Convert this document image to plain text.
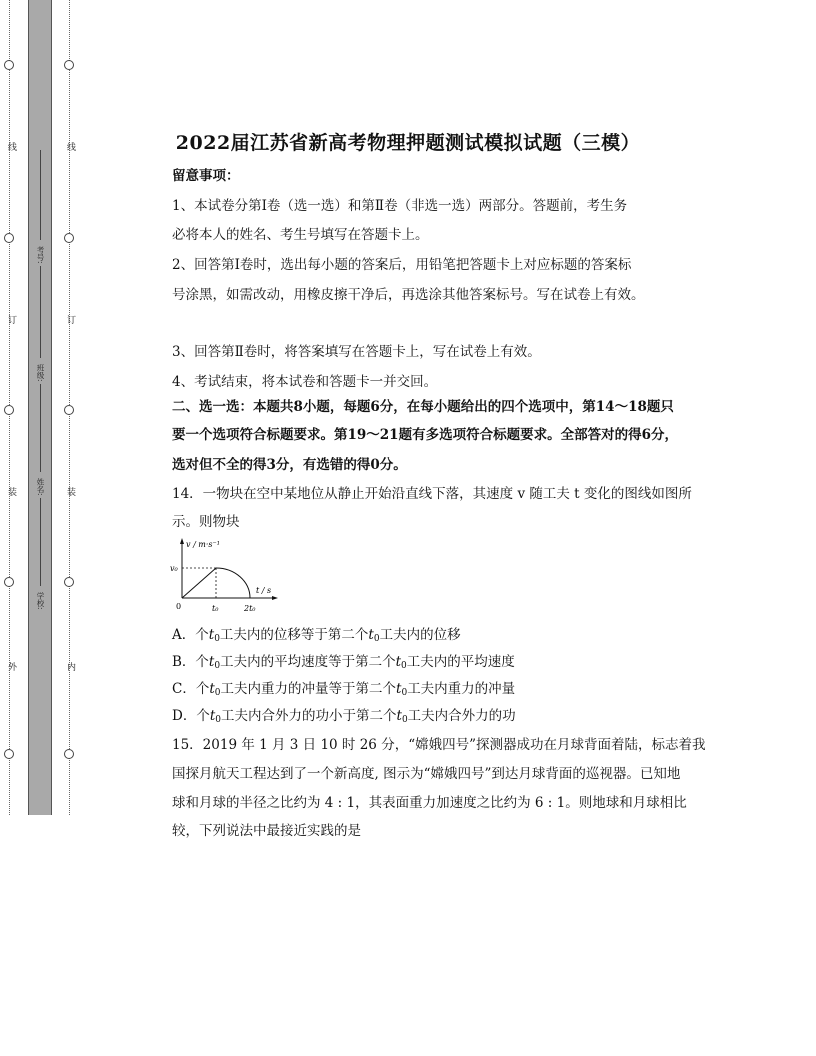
线
订
装
外
线
订
装
内
考号:
班级:
姓名:
学校:
2022届江苏省新高考物理押题测试模拟试题（三模）
留意事项：
1、本试卷分第Ⅰ卷（选一选）和第Ⅱ卷（非选一选）两部分。答题前，考生务
必将本人的姓名、考生号填写在答题卡上。
2、回答第Ⅰ卷时，选出每小题的答案后，用铅笔把答题卡上对应标题的答案标
号涂黑，如需改动，用橡皮擦干净后，再选涂其他答案标号。写在试卷上有效。
3、回答第Ⅱ卷时，将答案填写在答题卡上，写在试卷上有效。
4、考试结束，将本试卷和答题卡一并交回。
二、选一选：本题共8小题，每题6分，在每小题给出的四个选项中，第14～18题只
要一个选项符合标题要求。第19～21题有多选项符合标题要求。全部答对的得6分，
选对但不全的得3分，有选错的得0分。
14．一物块在空中某地位从静止开始沿直线下落，其速度 v 随工夫 t 变化的图线如图所
示。则物块
v / m·s⁻¹
t / s
v₀
0	t₀	2t₀
A．个$t_0$工夫内的位移等于第二个$t_0$工夫内的位移
B．个$t_0$工夫内的平均速度等于第二个$t_0$工夫内的平均速度
C．个$t_0$工夫内重力的冲量等于第二个$t_0$工夫内重力的冲量
D．个$t_0$工夫内合外力的功小于第二个$t_0$工夫内合外力的功
15．2019 年 1 月 3 日 10 时 26 分，“嫦娥四号”探测器成功在月球背面着陆，标志着我
国探月航天工程达到了一个新高度, 图示为“嫦娥四号”到达月球背面的巡视器。已知地
球和月球的半径之比约为 4 : 1，其表面重力加速度之比约为 6 : 1。则地球和月球相比
较，下列说法中最接近实践的是
